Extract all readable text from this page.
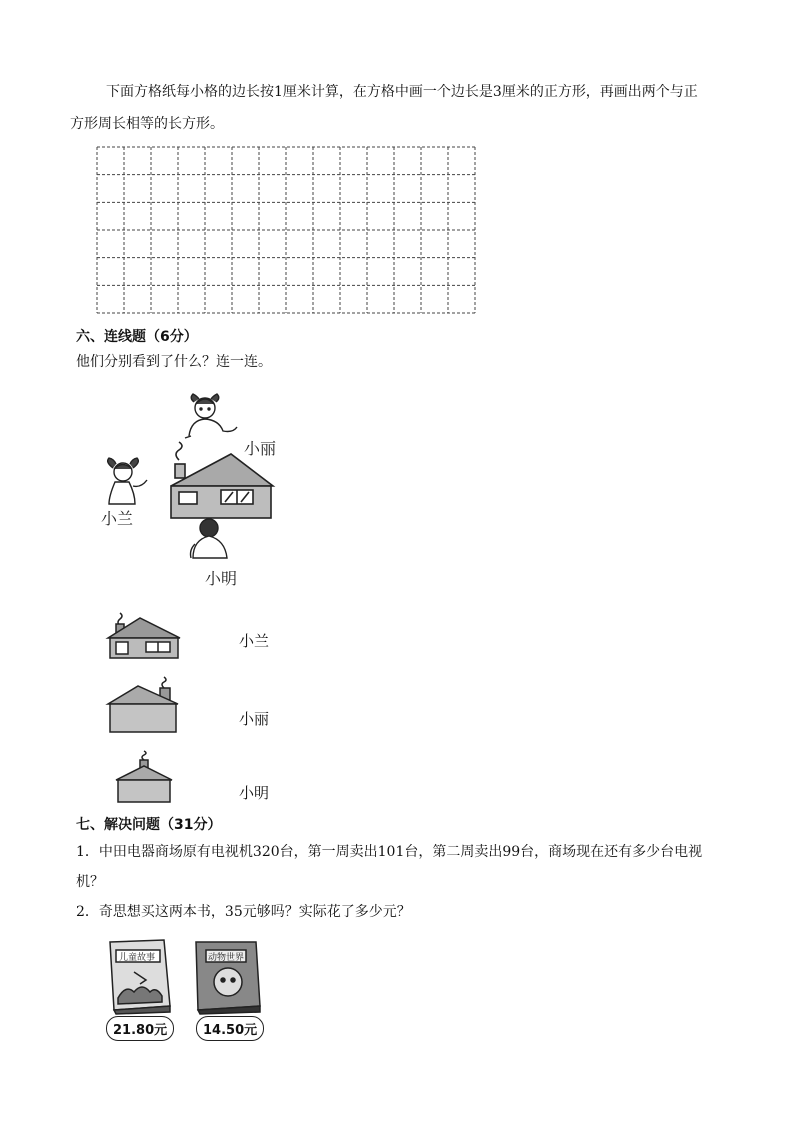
下面方格纸每小格的边长按1厘米计算，在方格中画一个边长是3厘米的正方形，再画出两个与正
方形周长相等的长方形。
六、连线题（6分）
他们分别看到了什么？连一连。
小丽
小兰
小明
小兰
小丽
小明
七、解决问题（31分）
1．中田电器商场原有电视机320台，第一周卖出101台，第二周卖出99台，商场现在还有多少台电视
机？
2．奇思想买这两本书，35元够吗？实际花了多少元？
儿童故事
21.80元
动物世界
14.50元
